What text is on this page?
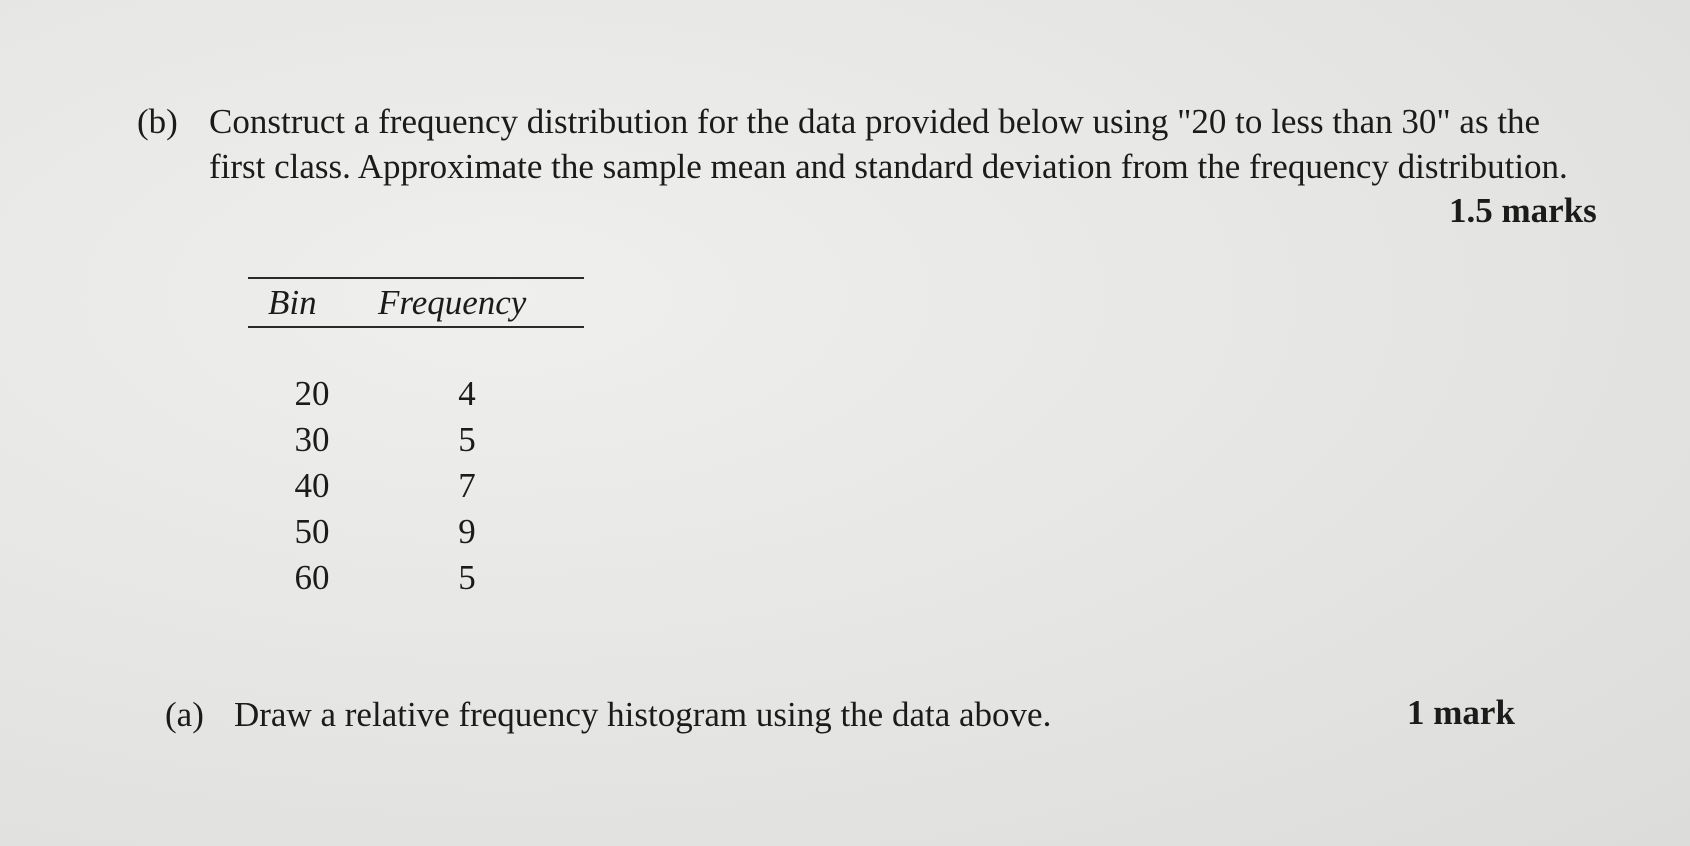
(b) Construct a frequency distribution for the data provided below using "20 to less than 30" as the
first class. Approximate the sample mean and standard deviation from the frequency distribution.
1.5 marks
Bin Frequency
20	4
30	5
40	7
50	9
60	5
(a) Draw a relative frequency histogram using the data above.	1 mark
